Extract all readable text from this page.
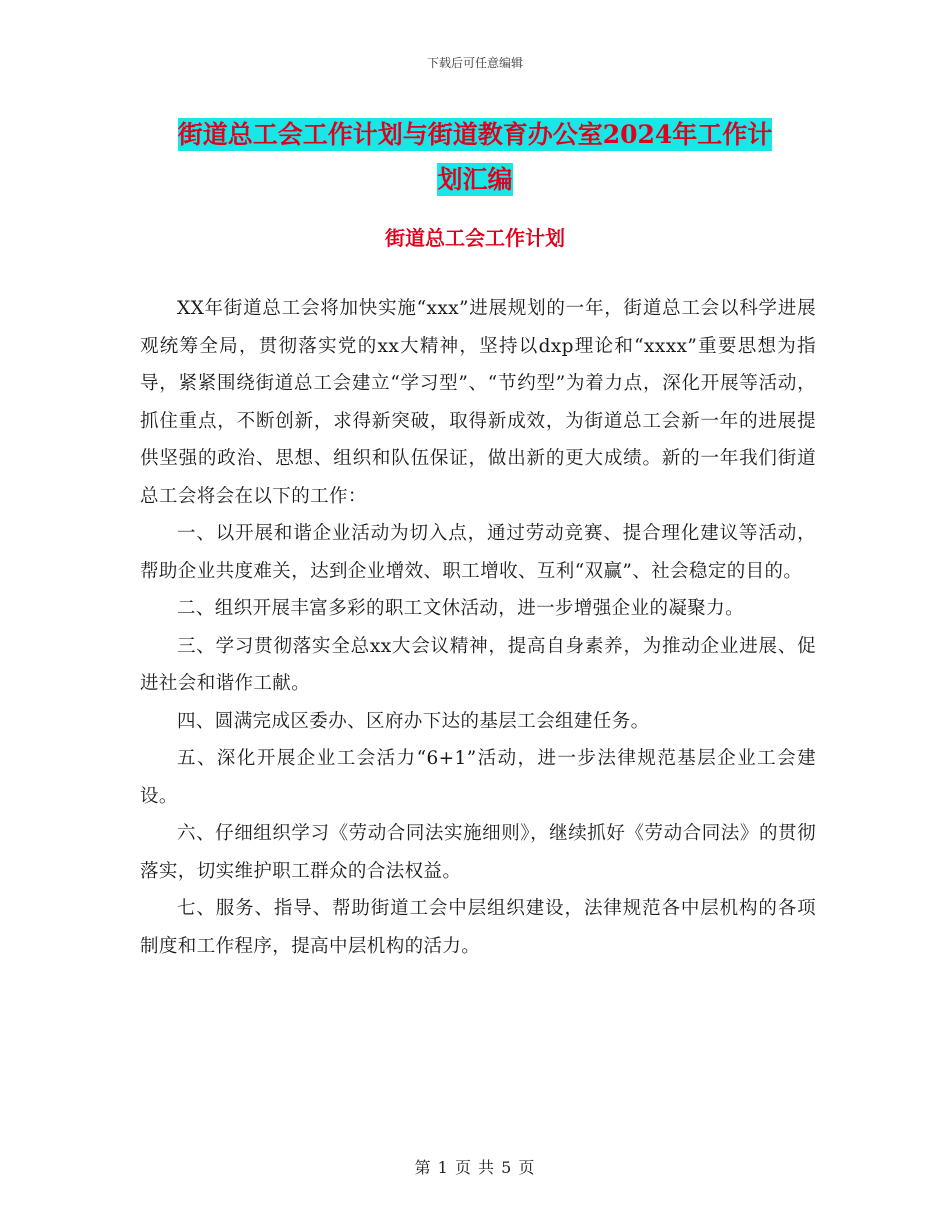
下载后可任意编辑
街道总工会工作计划与街道教育办公室2024年工作计
划汇编
街道总工会工作计划

XX年街道总工会将加快实施“xxx”进展规划的一年，街道总工会以科学进展观统筹全局，贯彻落实党的xx大精神，坚持以dxp理论和“xxxx”重要思想为指导，紧紧围绕街道总工会建立“学习型”、“节约型”为着力点，深化开展等活动，抓住重点，不断创新，求得新突破，取得新成效，为街道总工会新一年的进展提供坚强的政治、思想、组织和队伍保证，做出新的更大成绩。新的一年我们街道总工会将会在以下的工作：

一、以开展和谐企业活动为切入点，通过劳动竞赛、提合理化建议等活动，帮助企业共度难关，达到企业增效、职工增收、互利“双赢”、社会稳定的目的。

二、组织开展丰富多彩的职工文休活动，进一步增强企业的凝聚力。

三、学习贯彻落实全总xx大会议精神，提高自身素养，为推动企业进展、促进社会和谐作工献。

四、圆满完成区委办、区府办下达的基层工会组建任务。

五、深化开展企业工会活力“6+1”活动，进一步法律规范基层企业工会建设。

六、仔细组织学习《劳动合同法实施细则》，继续抓好《劳动合同法》的贯彻落实，切实维护职工群众的合法权益。

七、服务、指导、帮助街道工会中层组织建设，法律规范各中层机构的各项制度和工作程序，提高中层机构的活力。

第 1 页 共 5 页
